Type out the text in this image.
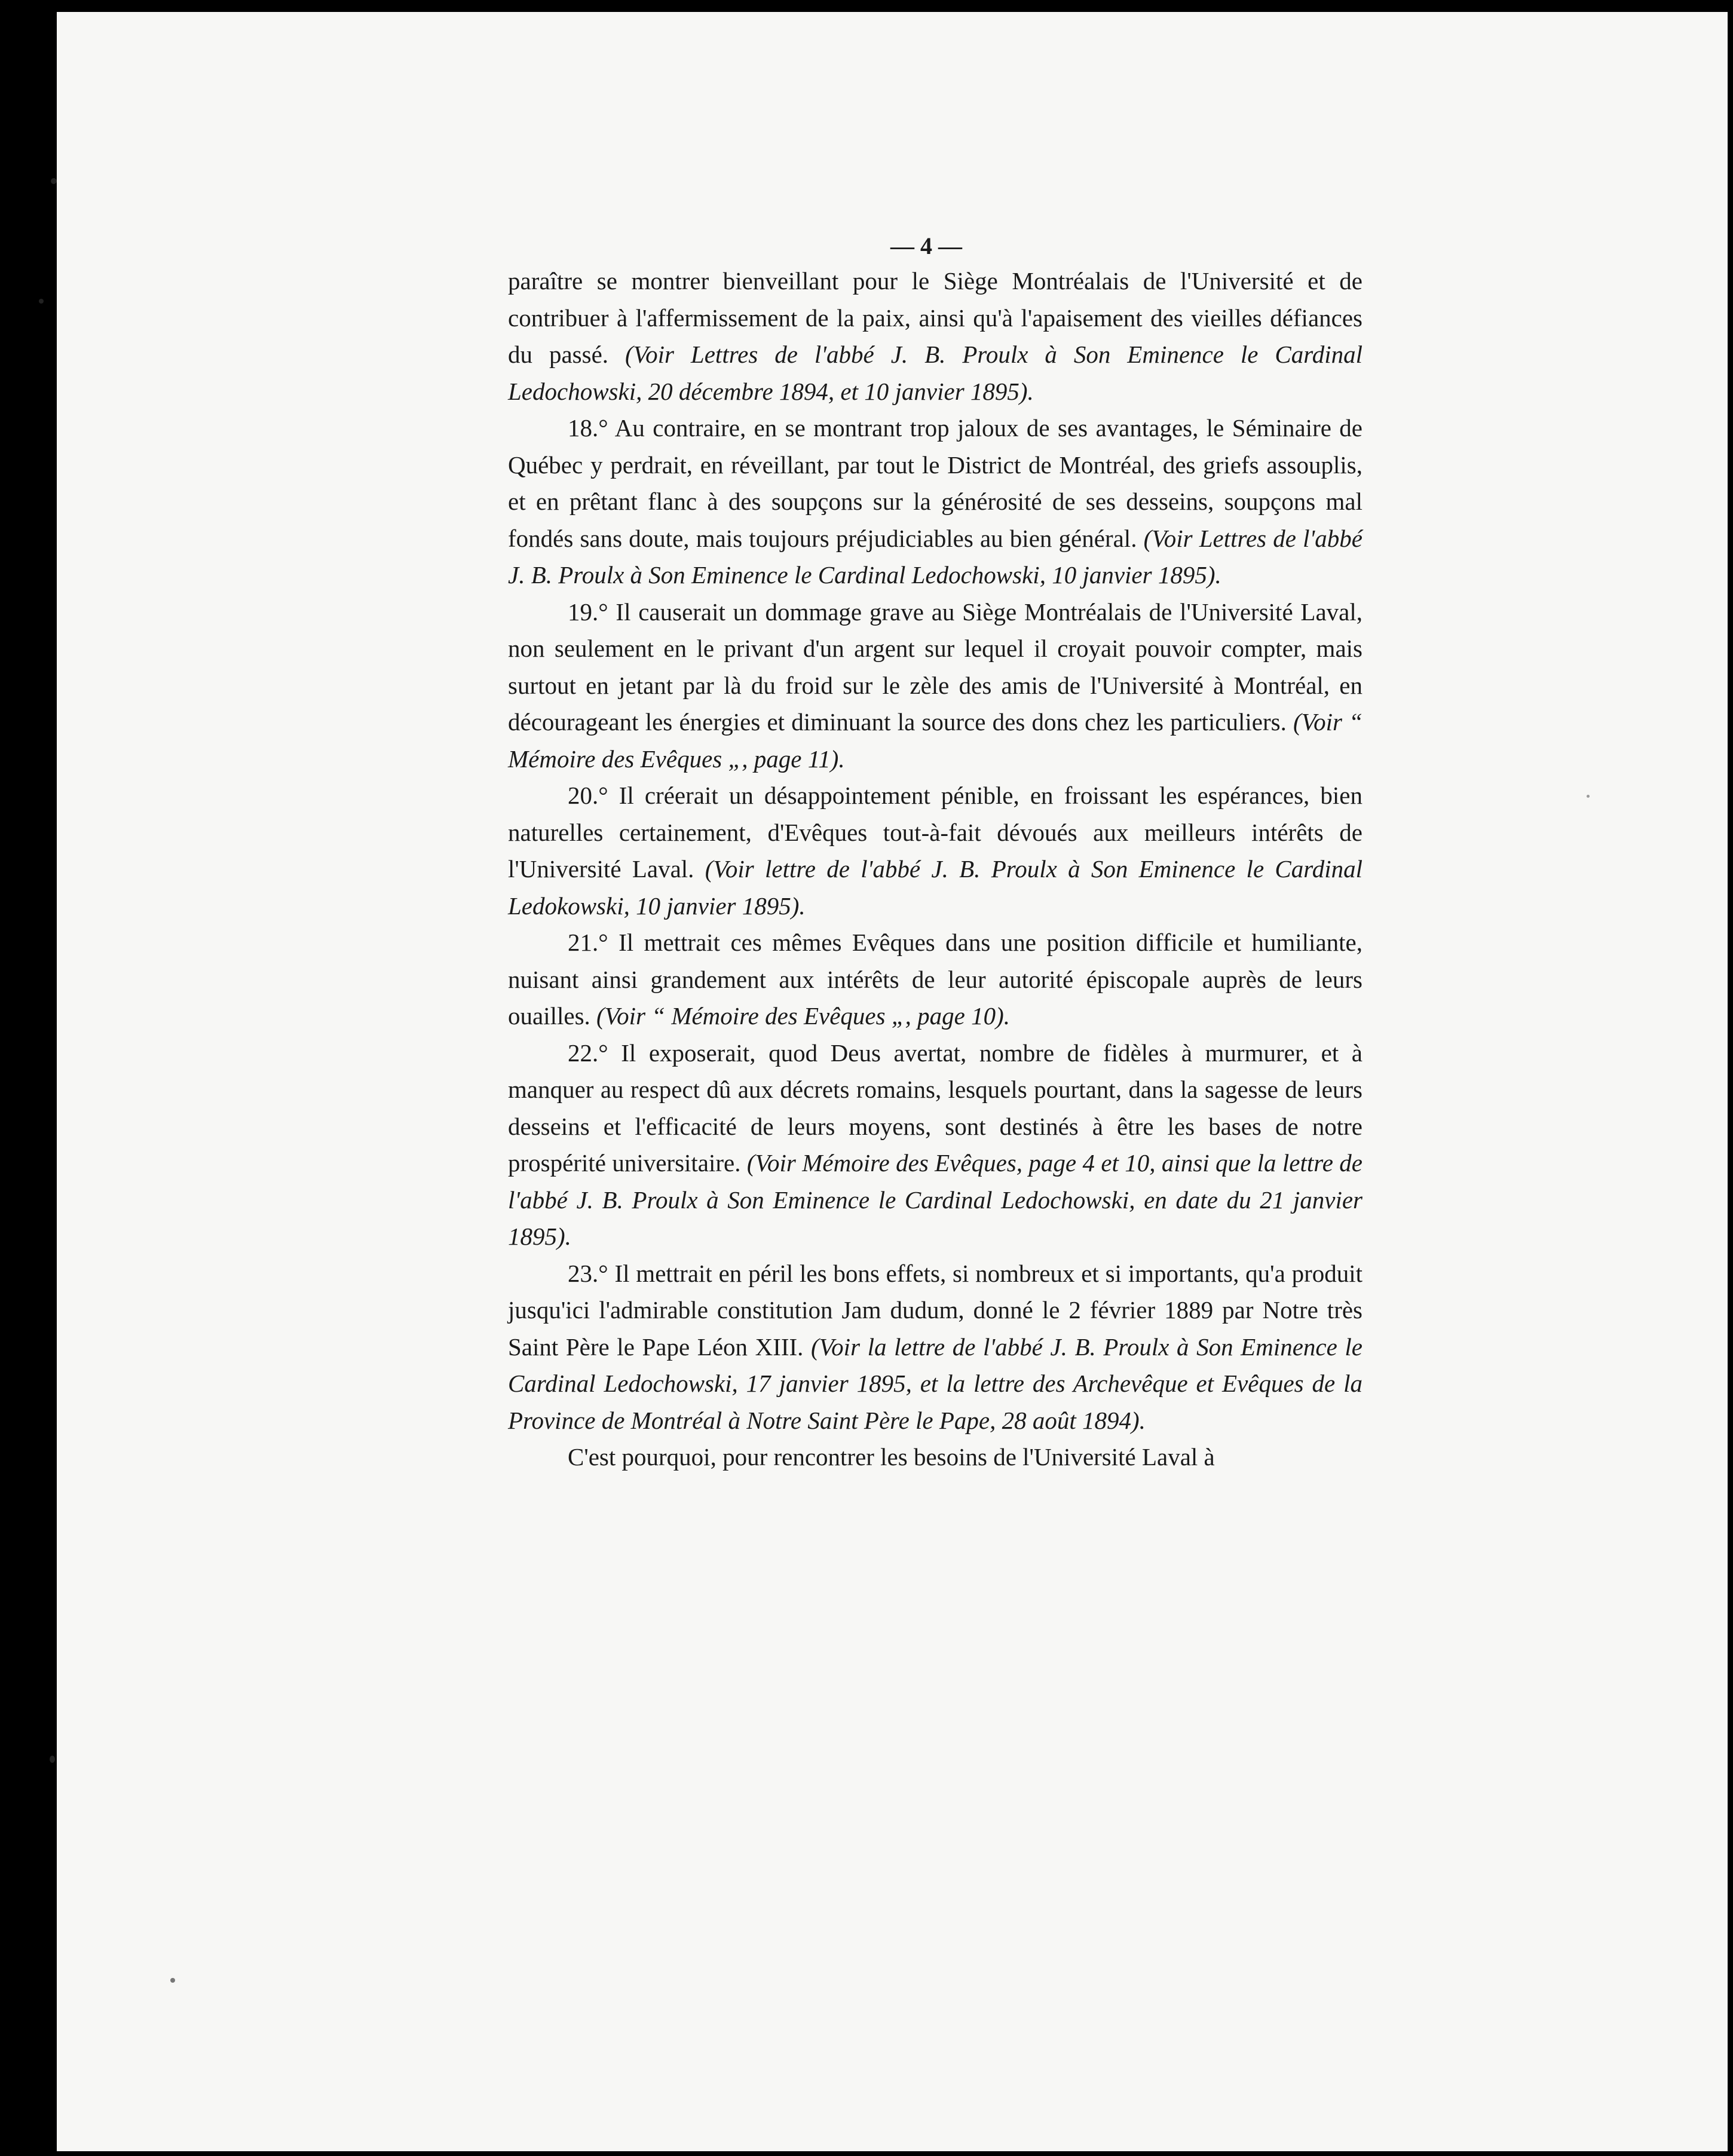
— 4 —

paraître se montrer bienveillant pour le Siège Montréalais de l'Université et de contribuer à l'affermissement de la paix, ainsi qu'à l'apaisement des vieilles défiances du passé. (Voir Lettres de l'abbé J. B. Proulx à Son Eminence le Cardinal Ledochowski, 20 décembre 1894, et 10 janvier 1895).

18.° Au contraire, en se montrant trop jaloux de ses avantages, le Séminaire de Québec y perdrait, en réveillant, par tout le District de Montréal, des griefs assouplis, et en prêtant flanc à des soupçons sur la générosité de ses desseins, soupçons mal fondés sans doute, mais toujours préjudiciables au bien général. (Voir Lettres de l'abbé J. B. Proulx à Son Eminence le Cardinal Ledochowski, 10 janvier 1895).

19.° Il causerait un dommage grave au Siège Montréalais de l'Université Laval, non seulement en le privant d'un argent sur lequel il croyait pouvoir compter, mais surtout en jetant par là du froid sur le zèle des amis de l'Université à Montréal, en décourageant les énergies et diminuant la source des dons chez les particuliers. (Voir “ Mémoire des Evêques „, page 11).

20.° Il créerait un désappointement pénible, en froissant les espérances, bien naturelles certainement, d'Evêques tout-à-fait dévoués aux meilleurs intérêts de l'Université Laval. (Voir lettre de l'abbé J. B. Proulx à Son Eminence le Cardinal Ledokowski, 10 janvier 1895).

21.° Il mettrait ces mêmes Evêques dans une position difficile et humiliante, nuisant ainsi grandement aux intérêts de leur autorité épiscopale auprès de leurs ouailles. (Voir “ Mémoire des Evêques „, page 10).

22.° Il exposerait, quod Deus avertat, nombre de fidèles à murmurer, et à manquer au respect dû aux décrets romains, lesquels pourtant, dans la sagesse de leurs desseins et l'efficacité de leurs moyens, sont destinés à être les bases de notre prospérité universitaire. (Voir Mémoire des Evêques, page 4 et 10, ainsi que la lettre de l'abbé J. B. Proulx à Son Eminence le Cardinal Ledochowski, en date du 21 janvier 1895).

23.° Il mettrait en péril les bons effets, si nombreux et si importants, qu'a produit jusqu'ici l'admirable constitution Jam dudum, donné le 2 février 1889 par Notre très Saint Père le Pape Léon XIII. (Voir la lettre de l'abbé J. B. Proulx à Son Eminence le Cardinal Ledochowski, 17 janvier 1895, et la lettre des Archevêque et Evêques de la Province de Montréal à Notre Saint Père le Pape, 28 août 1894).

C'est pourquoi, pour rencontrer les besoins de l'Université Laval à
